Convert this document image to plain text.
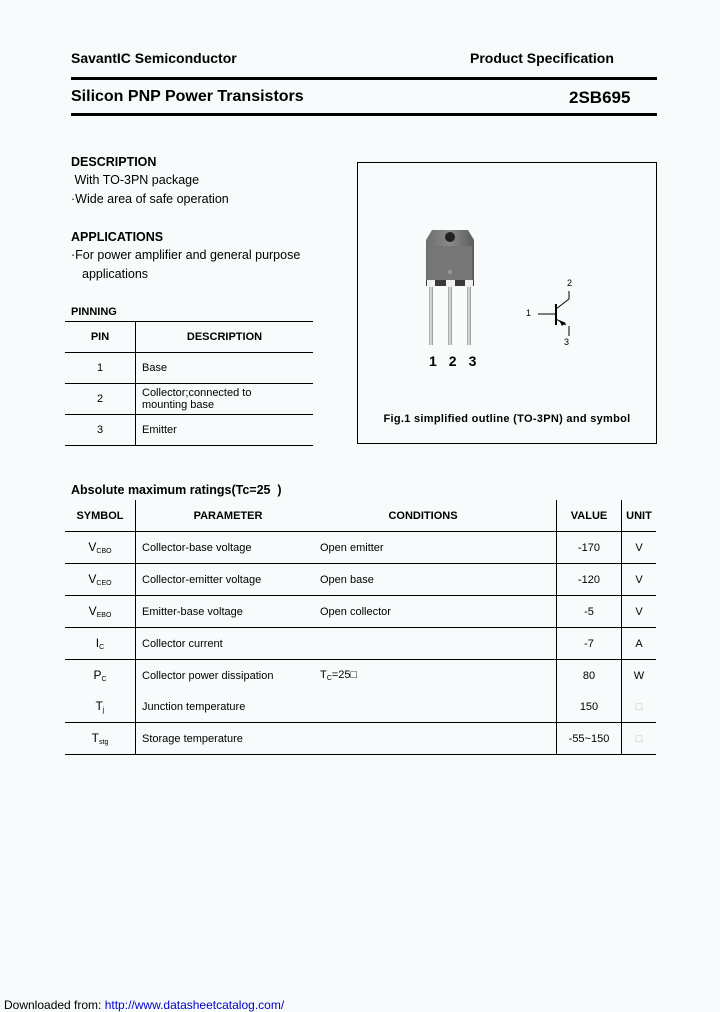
SavantIC Semiconductor	Product Specification
Silicon PNP Power Transistors	2SB695
DESCRIPTION
With TO-3PN package
·Wide area of safe operation
APPLICATIONS
·For power amplifier and general purpose
applications
PINNING
PIN	DESCRIPTION
1	Base
2	Collector;connected to mounting base
3	Emitter
123
1
2
3
Fig.1 simplified outline (TO-3PN) and symbol
Absolute maximum ratings(Tc=25  )
SYMBOL	PARAMETER	CONDITIONS	VALUE	UNIT
VCBO	Collector-base voltage	Open emitter	-170	V
VCEO	Collector-emitter voltage	Open base	-120	V
VEBO	Emitter-base voltage	Open collector	-5	V
IC	Collector current		-7	A
PC	Collector power dissipation	TC=25□	80	W
Tj	Junction temperature		150	□
Tstg	Storage temperature		-55~150	□
Downloaded from: http://www.datasheetcatalog.com/
